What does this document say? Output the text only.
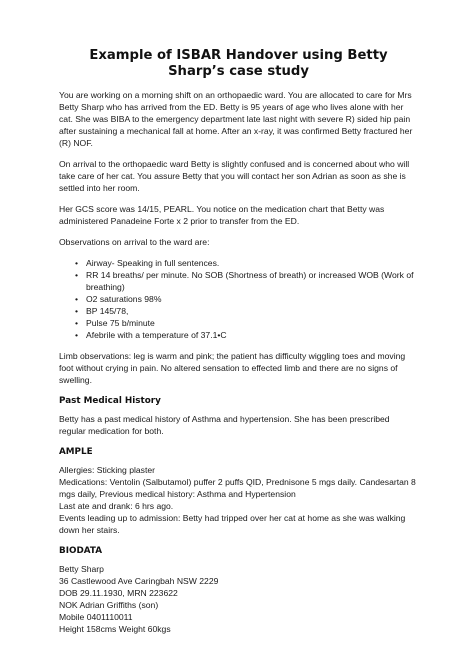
Example of ISBAR Handover using Betty Sharp’s case study

You are working on a morning shift on an orthopaedic ward. You are allocated to care for Mrs Betty Sharp who has arrived from the ED. Betty is 95 years of age who lives alone with her cat. She was BIBA to the emergency department late last night with severe R) sided hip pain after sustaining a mechanical fall at home. After an x-ray, it was confirmed Betty fractured her (R) NOF.

On arrival to the orthopaedic ward Betty is slightly confused and is concerned about who will take care of her cat. You assure Betty that you will contact her son Adrian as soon as she is settled into her room.

Her GCS score was 14/15, PEARL. You notice on the medication chart that Betty was administered Panadeine Forte x 2 prior to transfer from the ED.

Observations on arrival to the ward are:

• Airway- Speaking in full sentences.
• RR 14 breaths/ per minute. No SOB (Shortness of breath) or increased WOB (Work of breathing)
• O2 saturations 98%
• BP 145/78,
• Pulse 75 b/minute
• Afebrile with a temperature of 37.1•C

Limb observations: leg is warm and pink; the patient has difficulty wiggling toes and moving foot without crying in pain. No altered sensation to effected limb and there are no signs of swelling.

Past Medical History

Betty has a past medical history of Asthma and hypertension. She has been prescribed regular medication for both.

AMPLE
Allergies: Sticking plaster
Medications: Ventolin (Salbutamol) puffer 2 puffs QID, Prednisone 5 mgs daily. Candesartan 8 mgs daily, Previous medical history: Asthma and Hypertension
Last ate and drank: 6 hrs ago.
Events leading up to admission: Betty had tripped over her cat at home as she was walking down her stairs.
BIODATA
Betty Sharp
36 Castlewood Ave Caringbah NSW 2229
DOB 29.11.1930, MRN 223622
NOK Adrian Griffiths (son)
Mobile 0401110011
Height 158cms Weight 60kgs
